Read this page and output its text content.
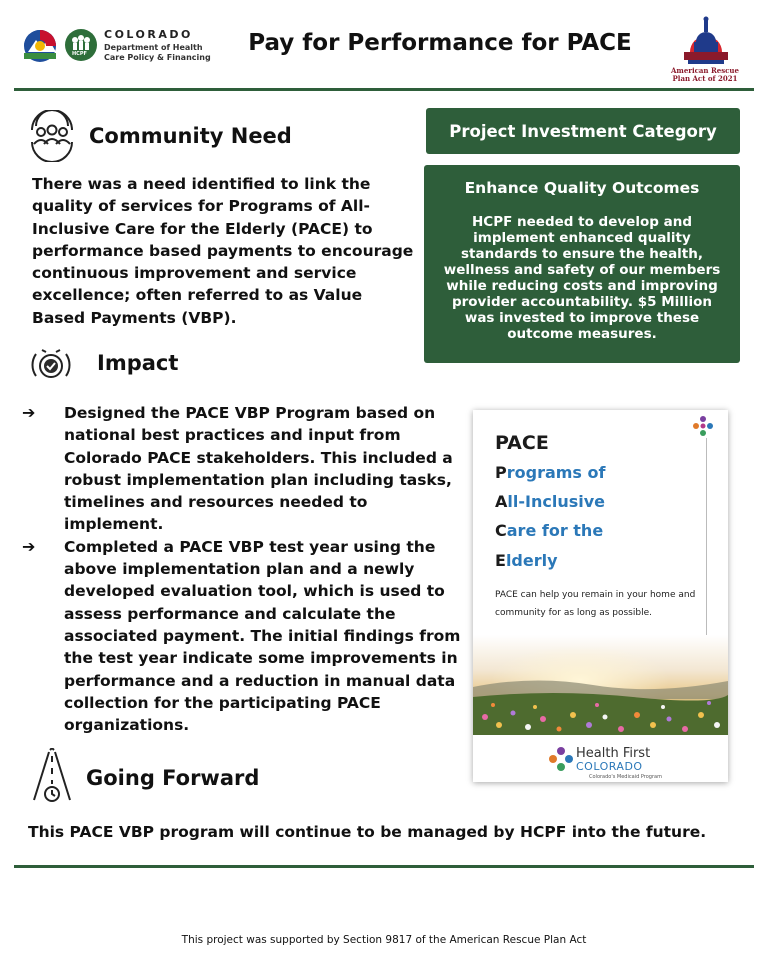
HCPF
COLORADO
Department of Health Care Policy & Financing
Pay for Performance for PACE
American Rescue Plan Act of 2021
Community Need
There was a need identified to link the quality of services for Programs of All-Inclusive Care for the Elderly (PACE) to performance based payments to encourage continuous improvement and service excellence; often referred to as Value Based Payments (VBP).
Project Investment Category
Enhance Quality Outcomes
HCPF needed to develop and implement enhanced quality standards to ensure the health, wellness and safety of our members while reducing costs and improving provider accountability. $5 Million was invested to improve these outcome measures.
Impact
➔ Designed the PACE VBP Program based on national best practices and input from Colorado PACE stakeholders. This included a robust implementation plan including tasks, timelines and resources needed to implement.
➔ Completed a PACE VBP test year using the above implementation plan and a newly developed evaluation tool, which is used to assess performance and calculate the associated payment. The initial findings from the test year indicate some improvements in performance and a reduction in manual data collection for the participating PACE organizations.
PACE
Programs of
All-Inclusive
Care for the
Elderly
PACE can help you remain in your home and community for as long as possible.
Health First
COLORADO
Colorado's Medicaid Program
Going Forward
This PACE VBP program will continue to be managed by HCPF into the future.
This project was supported by Section 9817 of the American Rescue Plan Act
